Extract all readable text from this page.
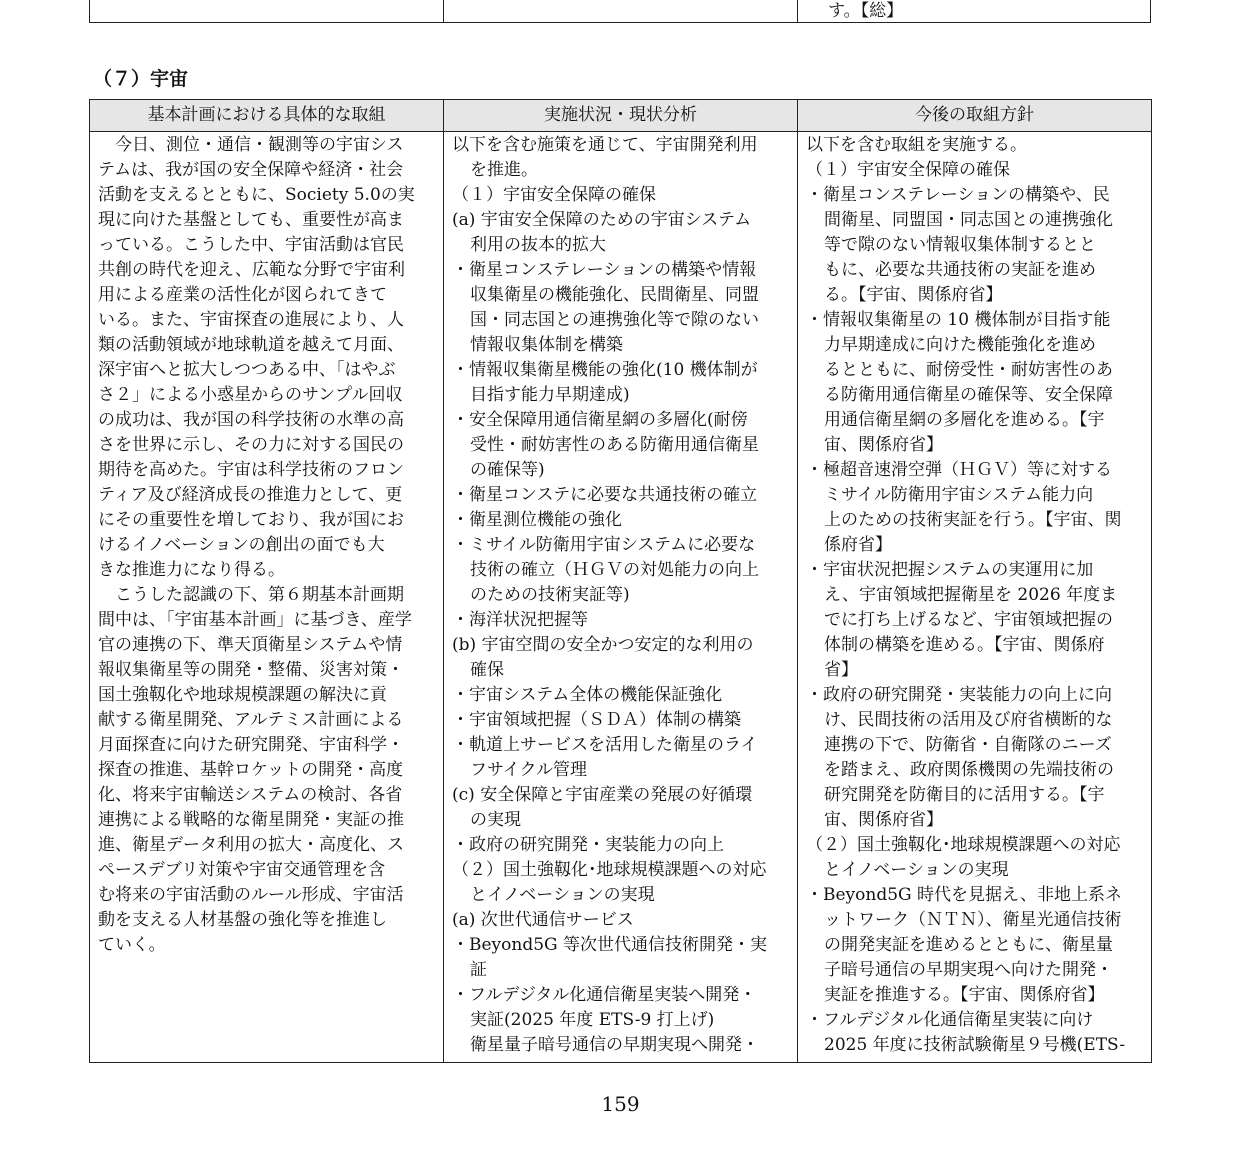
す。【総】
（７）宇宙
基本計画における具体的な取組	実施状況・現状分析	今後の取組方針
　今日、測位・通信・観測等の宇宙シス
テムは、我が国の安全保障や経済・社会
活動を支えるとともに、Society 5.0の実
現に向けた基盤としても、重要性が高ま
っている。こうした中、宇宙活動は官民
共創の時代を迎え、広範な分野で宇宙利
用による産業の活性化が図られてきて
いる。また、宇宙探査の進展により、人
類の活動領域が地球軌道を越えて月面、
深宇宙へと拡大しつつある中、「はやぶ
さ２」による小惑星からのサンプル回収
の成功は、我が国の科学技術の水準の高
さを世界に示し、その力に対する国民の
期待を高めた。宇宙は科学技術のフロン
ティア及び経済成長の推進力として、更
にその重要性を増しており、我が国にお
けるイノベーションの創出の面でも大
きな推進力になり得る。
　こうした認識の下、第６期基本計画期
間中は、「宇宙基本計画」に基づき、産学
官の連携の下、準天頂衛星システムや情
報収集衛星等の開発・整備、災害対策・
国土強靱化や地球規模課題の解決に貢
献する衛星開発、アルテミス計画による
月面探査に向けた研究開発、宇宙科学・
探査の推進、基幹ロケットの開発・高度
化、将来宇宙輸送システムの検討、各省
連携による戦略的な衛星開発・実証の推
進、衛星データ利用の拡大・高度化、ス
ペースデブリ対策や宇宙交通管理を含
む将来の宇宙活動のルール形成、宇宙活
動を支える人材基盤の強化等を推進し
ていく。
以下を含む施策を通じて、宇宙開発利用
を推進。
（１）宇宙安全保障の確保
(a) 宇宙安全保障のための宇宙システム
利用の抜本的拡大
・衛星コンステレーションの構築や情報
収集衛星の機能強化、民間衛星、同盟
国・同志国との連携強化等で隙のない
情報収集体制を構築
・情報収集衛星機能の強化(10 機体制が
目指す能力早期達成)
・安全保障用通信衛星網の多層化(耐傍
受性・耐妨害性のある防衛用通信衛星
の確保等)
・衛星コンステに必要な共通技術の確立
・衛星測位機能の強化
・ミサイル防衛用宇宙システムに必要な
技術の確立（ＨＧＶの対処能力の向上
のための技術実証等)
・海洋状況把握等
(b) 宇宙空間の安全かつ安定的な利用の
確保
・宇宙システム全体の機能保証強化
・宇宙領域把握（ＳＤＡ）体制の構築
・軌道上サービスを活用した衛星のライ
フサイクル管理
(c) 安全保障と宇宙産業の発展の好循環
の実現
・政府の研究開発・実装能力の向上
（２）国土強靱化･地球規模課題への対応
とイノベーションの実現
(a) 次世代通信サービス
・Beyond5G 等次世代通信技術開発・実
証
・フルデジタル化通信衛星実装へ開発・
実証(2025 年度 ETS-9 打上げ)
衛星量子暗号通信の早期実現へ開発・
以下を含む取組を実施する。
（１）宇宙安全保障の確保
・衛星コンステレーションの構築や、民
間衛星、同盟国・同志国との連携強化
等で隙のない情報収集体制するとと
もに、必要な共通技術の実証を進め
る。【宇宙、関係府省】
・情報収集衛星の 10 機体制が目指す能
力早期達成に向けた機能強化を進め
るとともに、耐傍受性・耐妨害性のあ
る防衛用通信衛星の確保等、安全保障
用通信衛星網の多層化を進める。【宇
宙、関係府省】
・極超音速滑空弾（ＨＧＶ）等に対する
ミサイル防衛用宇宙システム能力向
上のための技術実証を行う。【宇宙、関
係府省】
・宇宙状況把握システムの実運用に加
え、宇宙領域把握衛星を 2026 年度ま
でに打ち上げるなど、宇宙領域把握の
体制の構築を進める。【宇宙、関係府
省】
・政府の研究開発・実装能力の向上に向
け、民間技術の活用及び府省横断的な
連携の下で、防衛省・自衛隊のニーズ
を踏まえ、政府関係機関の先端技術の
研究開発を防衛目的に活用する。【宇
宙、関係府省】
（２）国土強靱化･地球規模課題への対応
とイノベーションの実現
・Beyond5G 時代を見据え、非地上系ネ
ットワーク（ＮＴＮ）、衛星光通信技術
の開発実証を進めるとともに、衛星量
子暗号通信の早期実現へ向けた開発・
実証を推進する。【宇宙、関係府省】
・フルデジタル化通信衛星実装に向け
2025 年度に技術試験衛星９号機(ETS-
159
